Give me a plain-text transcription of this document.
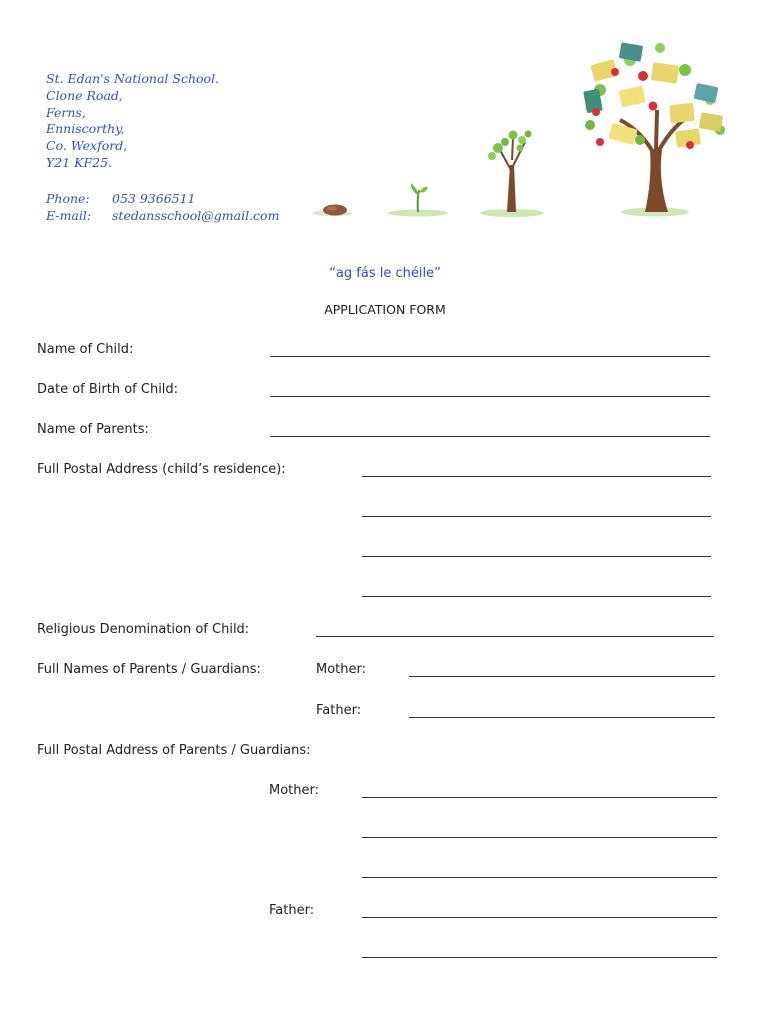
St. Edan's National School.
Clone Road,
Ferns,
Enniscorthy,
Co. Wexford,
Y21 KF25.
Phone: 053 9366511
E-mail: stedansschool@gmail.com
“ag fás le chéile”
APPLICATION FORM
Name of Child:
Date of Birth of Child:
Name of Parents:
Full Postal Address (child’s residence):
Religious Denomination of Child:
Full Names of Parents / Guardians:	Mother:
Father:
Full Postal Address of Parents / Guardians:
Mother:
Father:
